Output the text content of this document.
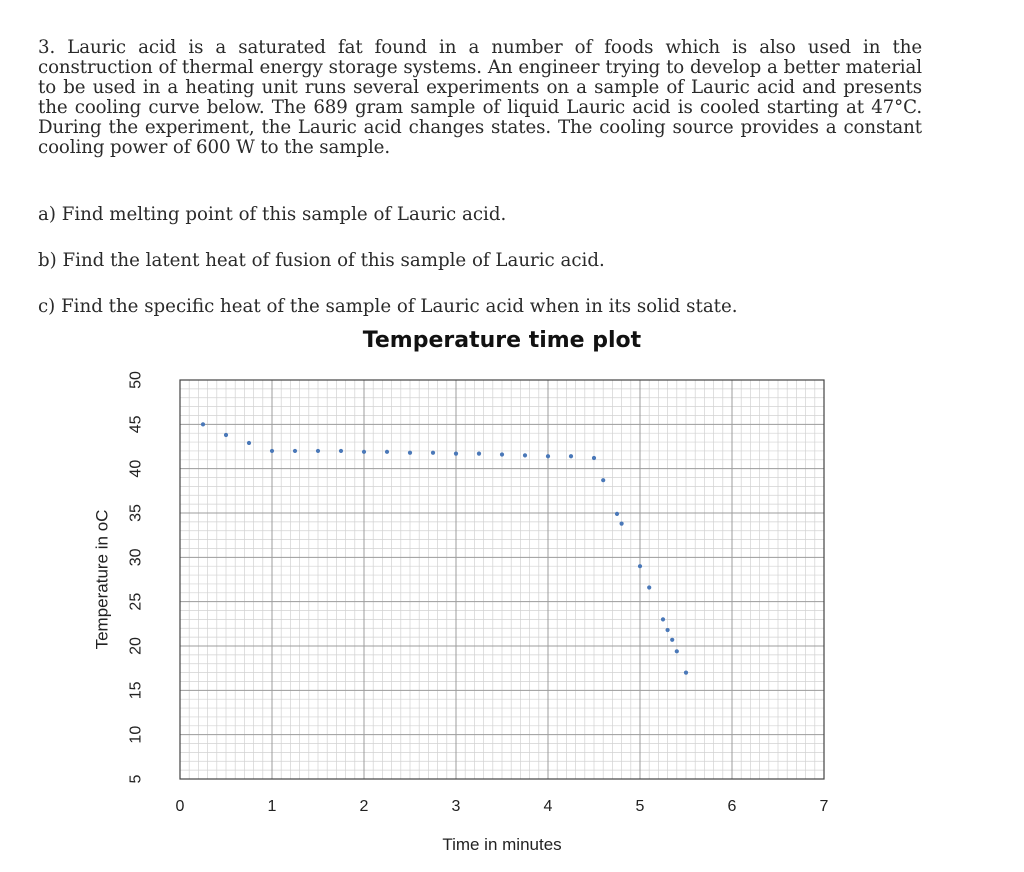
3. Lauric acid is a saturated fat found in a number of foods which is also used in the construction of thermal energy storage systems. An engineer trying to develop a better material to be used in a heating unit runs several experiments on a sample of Lauric acid and presents the cooling curve below. The 689 gram sample of liquid Lauric acid is cooled starting at 47°C. During the experiment, the Lauric acid changes states. The cooling source provides a constant cooling power of 600 W to the sample.
a) Find melting point of this sample of Lauric acid.
b) Find the latent heat of fusion of this sample of Lauric acid.
c) Find the specific heat of the sample of Lauric acid when in its solid state.
Temperature time plot
0	1	2	3	4	5	6	7
5
10
15
20
25
30
35
40
45
50
Time in minutes
Temperature in oC
